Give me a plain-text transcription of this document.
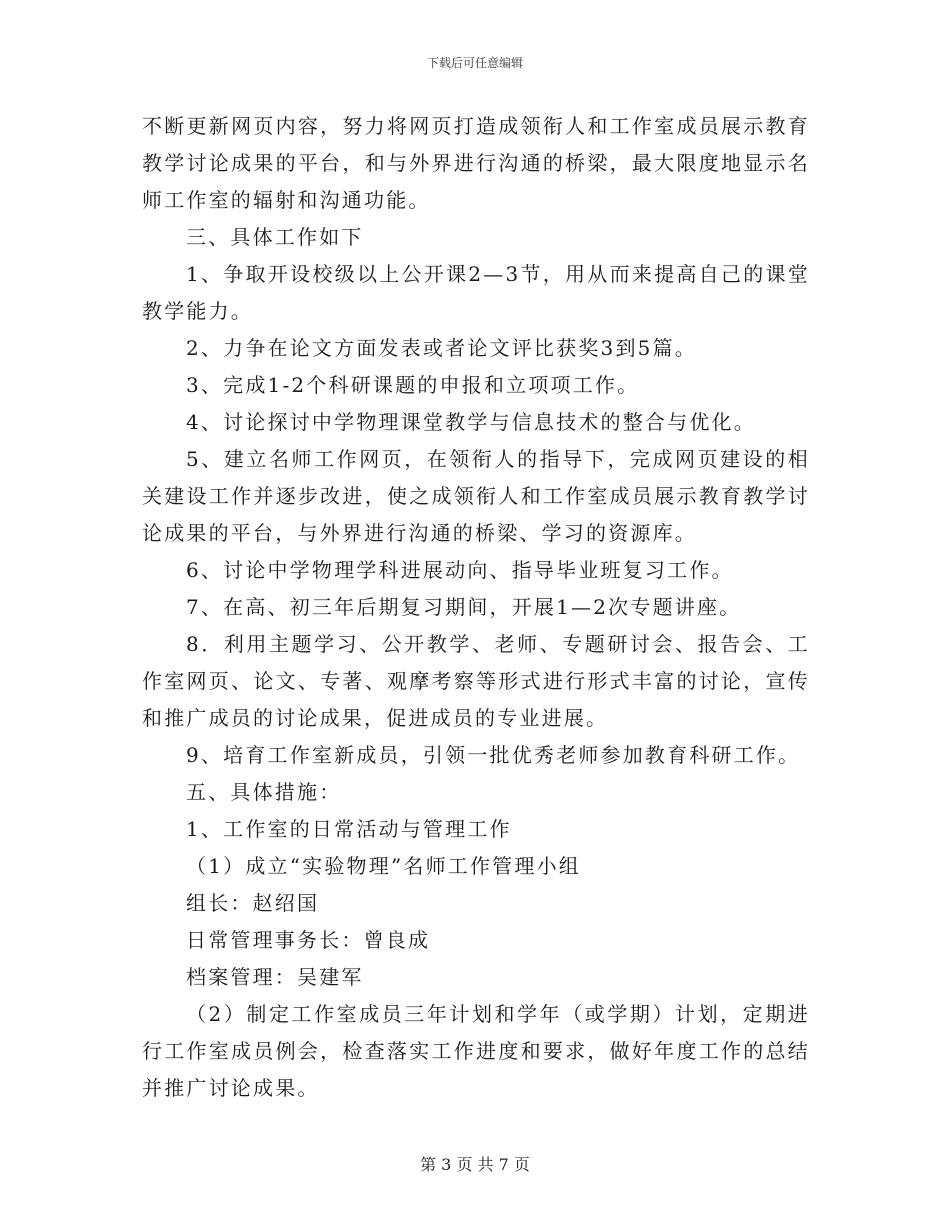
下载后可任意编辑

不断更新网页内容，努力将网页打造成领衔人和工作室成员展示教育教学讨论成果的平台，和与外界进行沟通的桥梁，最大限度地显示名师工作室的辐射和沟通功能。

三、具体工作如下

1、争取开设校级以上公开课2—3节，用从而来提高自己的课堂教学能力。

2、力争在论文方面发表或者论文评比获奖3到5篇。

3、完成1-2个科研课题的申报和立项项工作。

4、讨论探讨中学物理课堂教学与信息技术的整合与优化。

5、建立名师工作网页，在领衔人的指导下，完成网页建设的相关建设工作并逐步改进，使之成领衔人和工作室成员展示教育教学讨论成果的平台，与外界进行沟通的桥梁、学习的资源库。

6、讨论中学物理学科进展动向、指导毕业班复习工作。

7、在高、初三年后期复习期间，开展1—2次专题讲座。

8．利用主题学习、公开教学、老师、专题研讨会、报告会、工作室网页、论文、专著、观摩考察等形式进行形式丰富的讨论，宣传和推广成员的讨论成果，促进成员的专业进展。

9、培育工作室新成员，引领一批优秀老师参加教育科研工作。

五、具体措施：

1、工作室的日常活动与管理工作

（1）成立“实验物理”名师工作管理小组

组长：赵绍国

日常管理事务长：曾良成

档案管理：吴建军

（2）制定工作室成员三年计划和学年（或学期）计划，定期进行工作室成员例会，检查落实工作进度和要求，做好年度工作的总结并推广讨论成果。

第 3 页 共 7 页
